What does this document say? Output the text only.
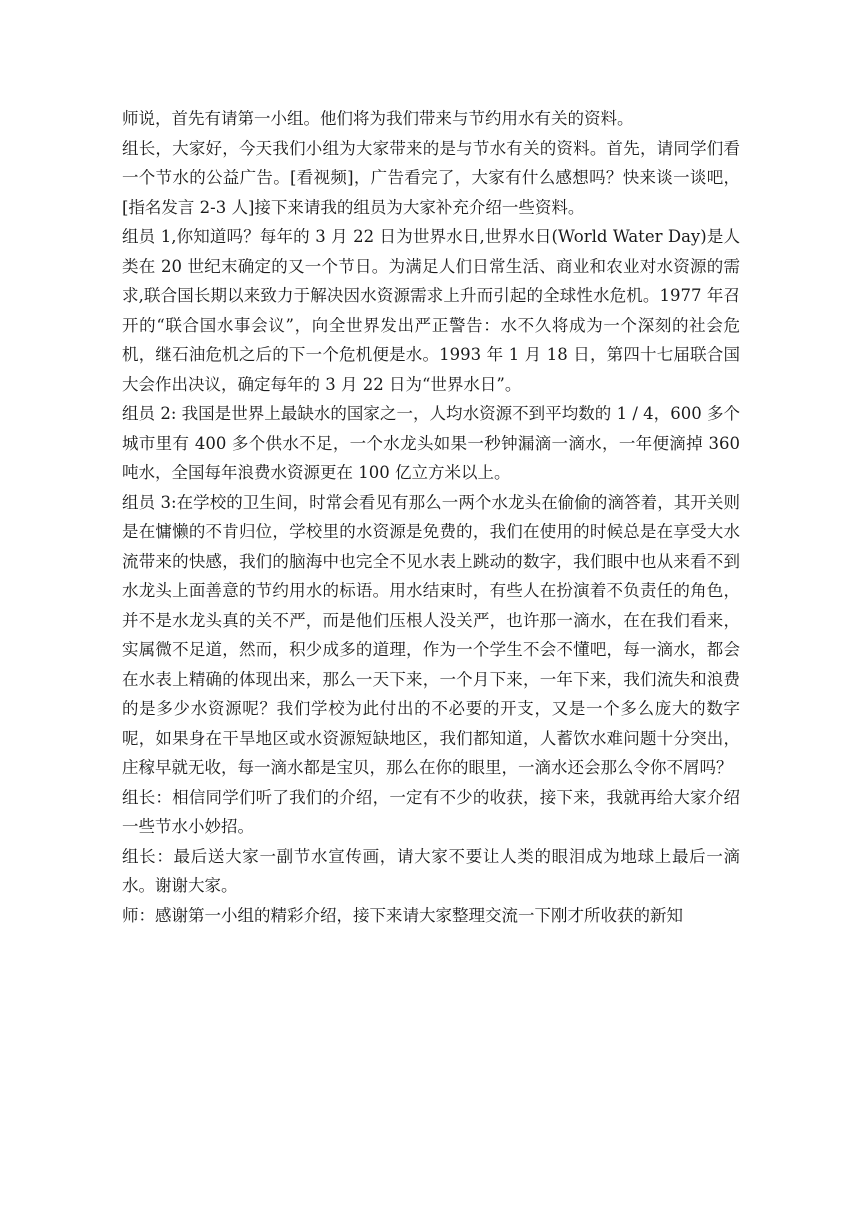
师说，首先有请第一小组。他们将为我们带来与节约用水有关的资料。

组长，大家好，今天我们小组为大家带来的是与节水有关的资料。首先，请同学们看一个节水的公益广告。[看视频]，广告看完了，大家有什么感想吗？快来谈一谈吧，[指名发言 2-3 人]接下来请我的组员为大家补充介绍一些资料。

组员 1,你知道吗？每年的 3 月 22 日为世界水日,世界水日(World Water Day)是人类在 20 世纪末确定的又一个节日。为满足人们日常生活、商业和农业对水资源的需求,联合国长期以来致力于解决因水资源需求上升而引起的全球性水危机。1977 年召开的“联合国水事会议”，向全世界发出严正警告：水不久将成为一个深刻的社会危机，继石油危机之后的下一个危机便是水。1993 年 1 月 18 日，第四十七届联合国大会作出决议，确定每年的 3 月 22 日为“世界水日”。

组员 2: 我国是世界上最缺水的国家之一，人均水资源不到平均数的 1 / 4，600 多个城市里有 400 多个供水不足，一个水龙头如果一秒钟漏滴一滴水，一年便滴掉 360 吨水，全国每年浪费水资源更在 100 亿立方米以上。

组员 3:在学校的卫生间，时常会看见有那么一两个水龙头在偷偷的滴答着，其开关则是在慵懒的不肯归位，学校里的水资源是免费的，我们在使用的时候总是在享受大水流带来的快感，我们的脑海中也完全不见水表上跳动的数字，我们眼中也从来看不到水龙头上面善意的节约用水的标语。用水结束时，有些人在扮演着不负责任的角色，并不是水龙头真的关不严，而是他们压根人没关严，也许那一滴水，在在我们看来，实属微不足道，然而，积少成多的道理，作为一个学生不会不懂吧，每一滴水，都会在水表上精确的体现出来，那么一天下来，一个月下来，一年下来，我们流失和浪费的是多少水资源呢？我们学校为此付出的不必要的开支，又是一个多么庞大的数字呢，如果身在干旱地区或水资源短缺地区，我们都知道，人蓄饮水难问题十分突出，庄稼早就无收，每一滴水都是宝贝，那么在你的眼里，一滴水还会那么令你不屑吗？

组长：相信同学们听了我们的介绍，一定有不少的收获，接下来，我就再给大家介绍一些节水小妙招。

组长：最后送大家一副节水宣传画，请大家不要让人类的眼泪成为地球上最后一滴水。谢谢大家。

师：感谢第一小组的精彩介绍，接下来请大家整理交流一下刚才所收获的新知
